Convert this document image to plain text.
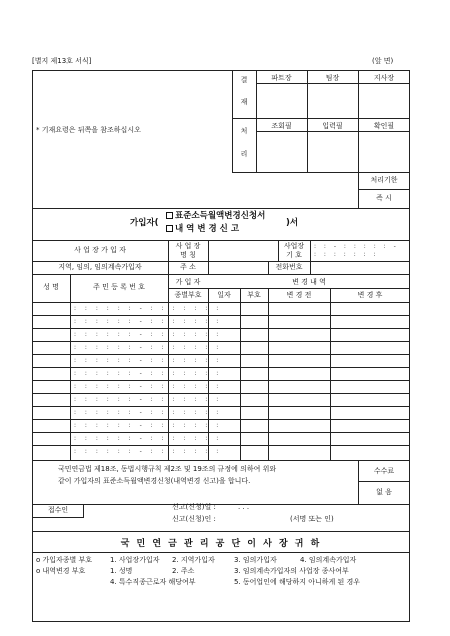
[별지 제13호 서식]	(앞 면)
결
재
처
리
파트장	팀장	지사장
조회필	입력필	확인필
* 기재요령은 뒤쪽을 참조하십시오
처리기한
즉 시
가입자(
표준소득월액변경신청서
내 역 변 경 신 고
)서
사 업 장 가 입 자	사 업 장
명 칭
사업장
기 호
: : - : : : : : -
: : : : : : :
지역, 임의, 임의계속가입자	주 소	전화번호
성 명	주 민 등 록 번 호
가 입 자
종별부호
변 경 내 역
일자	부호	변 경 전	변 경 후
: : : : : : - : : : : : : :
: : : : : : - : : : : : : :
: : : : : : - : : : : : : :
: : : : : : - : : : : : : :
: : : : : : - : : : : : : :
: : : : : : - : : : : : : :
: : : : : : - : : : : : : :
: : : : : : - : : : : : : :
: : : : : : - : : : : : : :
: : : : : : - : : : : : : :
: : : : : : - : : : : : : :
: : : : : : - : : : : : : :
국민연금법 제18조, 동법시행규칙 제2조 및 19조의 규정에 의하여 위와
같이 가입자의 표준소득월액변경신청(내역변경 신고)을 합니다.
수수료
없 음
접수인	신고(신청)일 :	. . .
신고(신청)인 :	(서명 또는 인)
국 민 연 금 관 리 공 단 이 사 장 귀 하
o 가입자종별 부호	1. 사업장가입자 2. 지역가입자	3. 임의가입자	4. 임의계속가입자
o 내역변경 부호	1. 성명	2. 주소	3. 임의계속가입자의 사업장 종사여부
4. 특수직종근로자 해당여부	5. 동어업인에 해당하지 아니하게 된 경우
